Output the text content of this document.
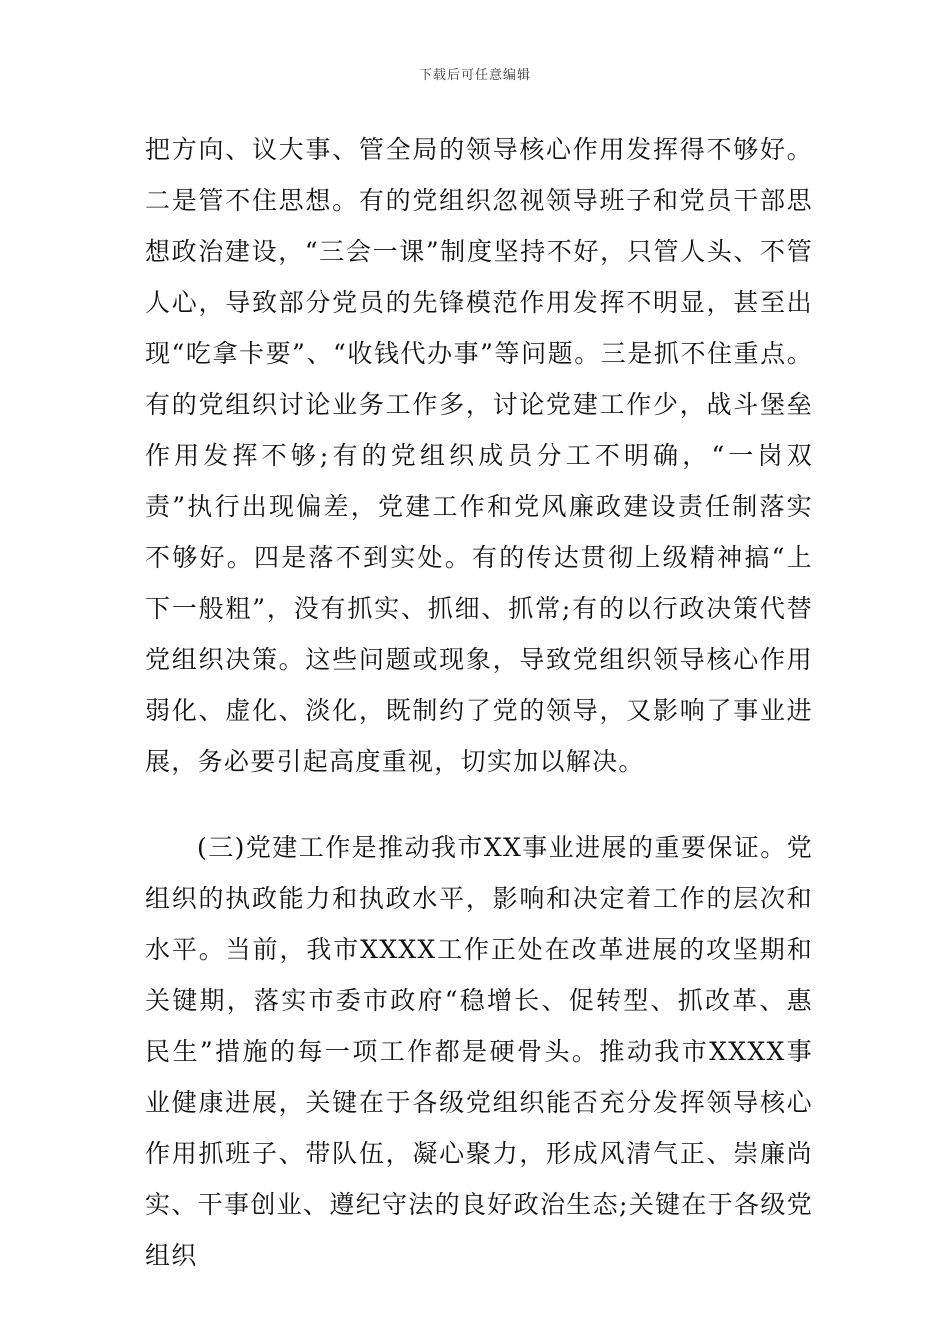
下载后可任意编辑

把方向、议大事、管全局的领导核心作用发挥得不够好。二是管不住思想。有的党组织忽视领导班子和党员干部思想政治建设，“三会一课”制度坚持不好，只管人头、不管人心，导致部分党员的先锋模范作用发挥不明显，甚至出现“吃拿卡要”、“收钱代办事”等问题。三是抓不住重点。有的党组织讨论业务工作多，讨论党建工作少，战斗堡垒作用发挥不够;有的党组织成员分工不明确，“一岗双责”执行出现偏差，党建工作和党风廉政建设责任制落实不够好。四是落不到实处。有的传达贯彻上级精神搞“上下一般粗”，没有抓实、抓细、抓常;有的以行政决策代替党组织决策。这些问题或现象，导致党组织领导核心作用弱化、虚化、淡化，既制约了党的领导，又影响了事业进展，务必要引起高度重视，切实加以解决。

(三)党建工作是推动我市XX事业进展的重要保证。党组织的执政能力和执政水平，影响和决定着工作的层次和水平。当前，我市XXXX工作正处在改革进展的攻坚期和关键期，落实市委市政府“稳增长、促转型、抓改革、惠民生”措施的每一项工作都是硬骨头。推动我市XXXX事业健康进展，关键在于各级党组织能否充分发挥领导核心作用抓班子、带队伍，凝心聚力，形成风清气正、崇廉尚实、干事创业、遵纪守法的良好政治生态;关键在于各级党组织
